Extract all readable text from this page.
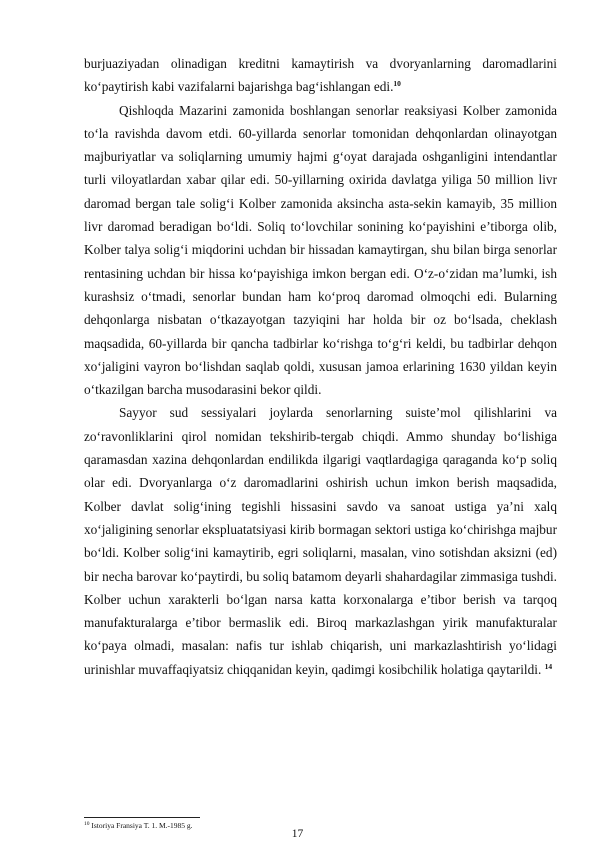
burjuaziyadan olinadigan kreditni kamaytirish va dvoryanlarning daromadlarini ko‘paytirish kabi vazifalarni bajarishga bag‘ishlangan edi.$^{10}$

Qishloqda Mazarini zamonida boshlangan senorlar reaksiyasi Kolber zamonida to‘la ravishda davom etdi. 60-yillarda senorlar tomonidan dehqonlardan olinayotgan majburiyatlar va soliqlarning umumiy hajmi g‘oyat darajada oshganligini intendantlar turli viloyatlardan xabar qilar edi. 50-yillarning oxirida davlatga yiliga 50 million livr daromad bergan tale solig‘i Kolber zamonida aksincha asta-sekin kamayib, 35 million livr daromad beradigan bo‘ldi. Soliq to‘lovchilar sonining ko‘payishini e’tiborga olib, Kolber talya solig‘i miqdorini uchdan bir hissadan kamaytirgan, shu bilan birga senorlar rentasining uchdan bir hissa ko‘payishiga imkon bergan edi. O‘z-o‘zidan ma’lumki, ish kurashsiz o‘tmadi, senorlar bundan ham ko‘proq daromad olmoqchi edi. Bularning dehqonlarga nisbatan o‘tkazayotgan tazyiqini har holda bir oz bo‘lsada, cheklash maqsadida, 60-yillarda bir qancha tadbirlar ko‘rishga to‘g‘ri keldi, bu tadbirlar dehqon xo‘jaligini vayron bo‘lishdan saqlab qoldi, xususan jamoa erlarining 1630 yildan keyin o‘tkazilgan barcha musodarasini bekor qildi.

Sayyor sud sessiyalari joylarda senorlarning suiste’mol qilishlarini va zo‘ravonliklarini qirol nomidan tekshirib-tergab chiqdi. Ammo shunday bo‘lishiga qaramasdan xazina dehqonlardan endilikda ilgarigi vaqtlardagiga qaraganda ko‘p soliq olar edi. Dvoryanlarga o‘z daromadlarini oshirish uchun imkon berish maqsadida, Kolber davlat solig‘ining tegishli hissasini savdo va sanoat ustiga ya’ni xalq xo‘jaligining senorlar ekspluatatsiyasi kirib bormagan sektori ustiga ko‘chirishga majbur bo‘ldi. Kolber solig‘ini kamaytirib, egri soliqlarni, masalan, vino sotishdan aksizni (ed) bir necha barovar ko‘paytirdi, bu soliq batamom deyarli shahardagilar zimmasiga tushdi. Kolber uchun xarakterli bo‘lgan narsa katta korxonalarga e’tibor berish va tarqoq manufakturalarga e’tibor bermaslik edi. Biroq markazlashgan yirik manufakturalar ko‘paya olmadi, masalan: nafis tur ishlab chiqarish, uni markazlashtirish yo‘lidagi urinishlar muvaffaqiyatsiz chiqqanidan keyin, qadimgi kosibchilik holatiga qaytarildi. $^{14}$

$^{10}$ Istoriya Fransiya T. 1. M.-1985 g.
17
